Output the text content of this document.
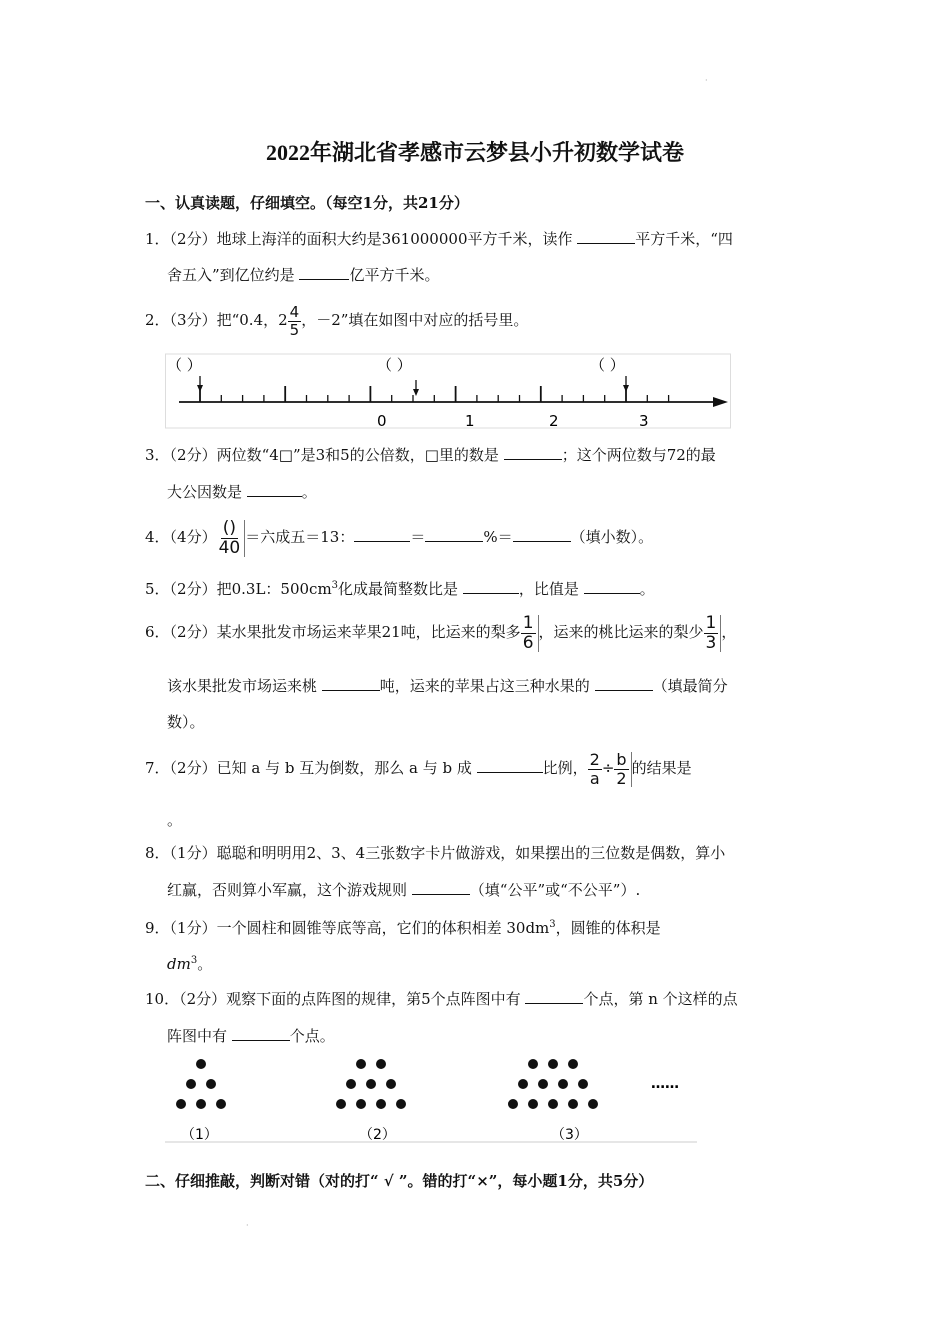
·
2022年湖北省孝感市云梦县小升初数学试卷
一、认真读题，仔细填空。（每空1分，共21分）
1．（2分）地球上海洋的面积大约是361000000平方千米，读作	平方千米，“四
舍五入”到亿位约是	亿平方千米。
2．（3分）把“0.4，$2 \frac{4}{5}$ ，－2”填在如图中对应的括号里。
（ ）	（ ）	（ ）
0	1	2	3
3．（2分）两位数“4□”是3和5的公倍数，□里的数是	；这个两位数与72的最
大公因数是	。
4．（4分） $\frac{()}{40}$ ＝六成五＝13：	＝	%＝	（填小数）。
5．（2分）把0.3L：$500cm^3$化成最简整数比是	，比值是	。
6．（2分）某水果批发市场运来苹果21吨，比运来的梨多 $\frac{1}{6}$ ，运来的桃比运来的梨少 $\frac{1}{3}$ ，
该水果批发市场运来桃	吨，运来的苹果占这三种水果的	（填最简分
数）。
7．（2分）已知 a 与 b 互为倒数，那么 a 与 b 成	比例， $\frac{2}{a} \div \frac{b}{2}$ 的结果是
。
8．（1分）聪聪和明明用2、3、4三张数字卡片做游戏，如果摆出的三位数是偶数，算小
红赢，否则算小军赢，这个游戏规则	（填“公平”或“不公平”）.
9．（1分）一个圆柱和圆锥等底等高，它们的体积相差 $30dm^3$，圆锥的体积是
$dm^3$。
10．（2分）观察下面的点阵图的规律，第5个点阵图中有	个点，第 n 个这样的点
阵图中有	个点。
（1）	（2）	（3）
……
二、仔细推敲，判断对错（对的打“ √ ”。错的打“×”，每小题1分，共5分）
·
